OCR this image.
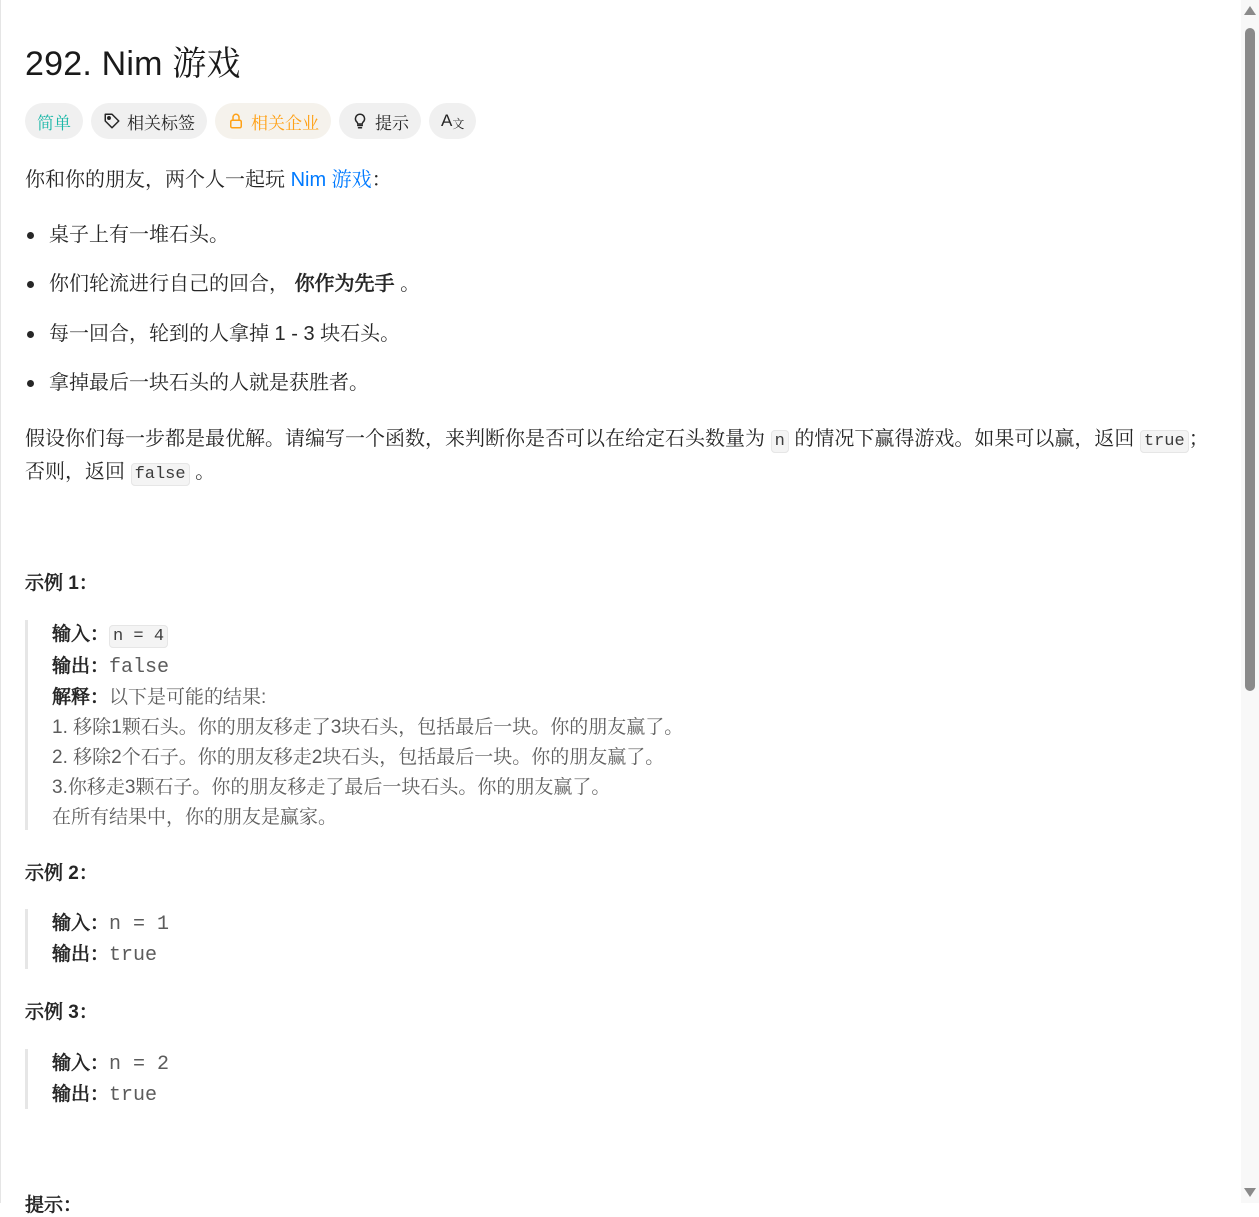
292. Nim 游戏
简单	相关标签	相关企业	提示 A 文
你和你的朋友，两个人一起玩 Nim 游戏：
桌子上有一堆石头。
你们轮流进行自己的回合， 你作为先手 。
每一回合，轮到的人拿掉 1 - 3 块石头。
拿掉最后一块石头的人就是获胜者。
假设你们每一步都是最优解。请编写一个函数，来判断你是否可以在给定石头数量为 n 的情况下赢得游戏。如果可以赢，返回 true ；否则，返回 false 。
示例 1：
输入： n = 4
输出：false
解释：以下是可能的结果:
1. 移除1颗石头。你的朋友移走了3块石头，包括最后一块。你的朋友赢了。
2. 移除2个石子。你的朋友移走2块石头，包括最后一块。你的朋友赢了。
3.你移走3颗石子。你的朋友移走了最后一块石头。你的朋友赢了。
在所有结果中，你的朋友是赢家。
示例 2：
输入：n = 1
输出：true
示例 3：
输入：n = 2
输出：true
提示：
